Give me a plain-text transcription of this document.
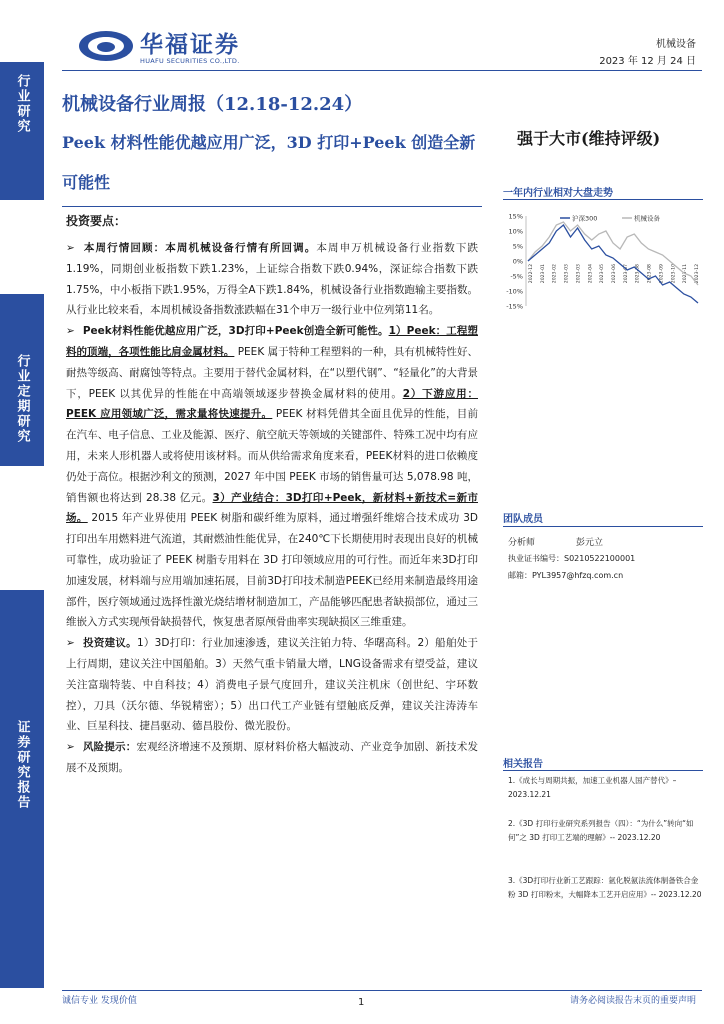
行业研究
行业定期研究
证券研究报告
华福证券
HUAFU SECURITIES CO.,LTD.
机械设备
2023 年 12 月 24 日
机械设备行业周报（12.18-12.24）
Peek 材料性能优越应用广泛，3D 打印+Peek 创造全新可能性
强于大市(维持评级)
投资要点：

➢ 本周行情回顾：本周机械设备行情有所回调。本周申万机械设备行业指数下跌1.19%，同期创业板指数下跌1.23%，上证综合指数下跌0.94%，深证综合指数下跌1.75%，中小板指下跌1.95%，万得全A下跌1.84%，机械设备行业指数跑输主要指数。从行业比较来看，本周机械设备指数涨跌幅在31个申万一级行业中位列第11名。

➢ Peek材料性能优越应用广泛，3D打印+Peek创造全新可能性。1）Peek：工程塑料的顶端，各项性能比肩金属材料。 PEEK 属于特种工程塑料的一种，具有机械特性好、耐热等级高、耐腐蚀等特点。主要用于替代金属材料，在“以塑代钢”、“轻量化”的大背景下，PEEK 以其优异的性能在中高端领域逐步替换金属材料的使用。2）下游应用：PEEK 应用领域广泛，需求量将快速提升。 PEEK 材料凭借其全面且优异的性能，目前在汽车、电子信息、工业及能源、医疗、航空航天等领域的关键部件、特殊工况中均有应用，未来人形机器人或将使用该材料。而从供给需求角度来看，PEEK材料的进口依赖度仍处于高位。根据沙利文的预测，2027 年中国 PEEK 市场的销售量可达 5,078.98 吨，销售额也将达到 28.38 亿元。3）产业结合：3D打印+Peek，新材料+新技术=新市场。 2015 年产业界使用 PEEK 树脂和碳纤维为原料，通过增强纤维熔合技术成功 3D 打印出车用燃料进气流道，其耐燃油性能优异，在240℃下长期使用时表现出良好的机械可靠性，成功验证了 PEEK 树脂专用料在 3D 打印领域应用的可行性。而近年来3D打印加速发展，材料端与应用端加速拓展，目前3D打印技术制造PEEK已经用来制造最终用途部件，医疗领域通过选择性激光烧结增材制造加工，产品能够匹配患者缺损部位，通过三维嵌入方式实现颅骨缺损替代，恢复患者原颅骨曲率实现缺损区三维重建。

➢ 投资建议。1）3D打印：行业加速渗透，建议关注铂力特、华曙高科。2）船舶处于上行周期，建议关注中国船舶。3）天然气重卡销量大增，LNG设备需求有望受益，建议关注富瑞特装、中自科技；4）消费电子景气度回升，建议关注机床（创世纪、宇环数控），刀具（沃尔德、华锐精密）；5）出口代工产业链有望触底反弹，建议关注涛涛车业、巨星科技、捷昌驱动、德昌股份、微光股份。

➢ 风险提示：宏观经济增速不及预期、原材料价格大幅波动、产业竞争加剧、新技术发展不及预期。

一年内行业相对大盘走势
15%
10%
5%
0%
-5%
-10%
-15%
2022-12 2023-01 2023-02 2023-03 2023-03 2023-04 2023-05 2023-06 2023-07 2023-08 2023-08 2023-09 2023-10 2023-11 2023-12
沪深300	机械设备
团队成员
分析师	彭元立
执业证书编号：S0210522100001
邮箱：PYL3957@hfzq.com.cn
相关报告
1.《成长与周期共振，加速工业机器人国产替代》– 2023.12.21
2.《3D 打印行业研究系列报告（四）：“为什么”转向“如何”之 3D 打印工艺端的理解》-- 2023.12.20
3.《3D打印行业新工艺跟踪：氩化脱氨法流体制备铁合金粉 3D 打印粉末，大幅降本工艺开启应用》-- 2023.12.20
诚信专业 发现价值	1	请务必阅读报告末页的重要声明
